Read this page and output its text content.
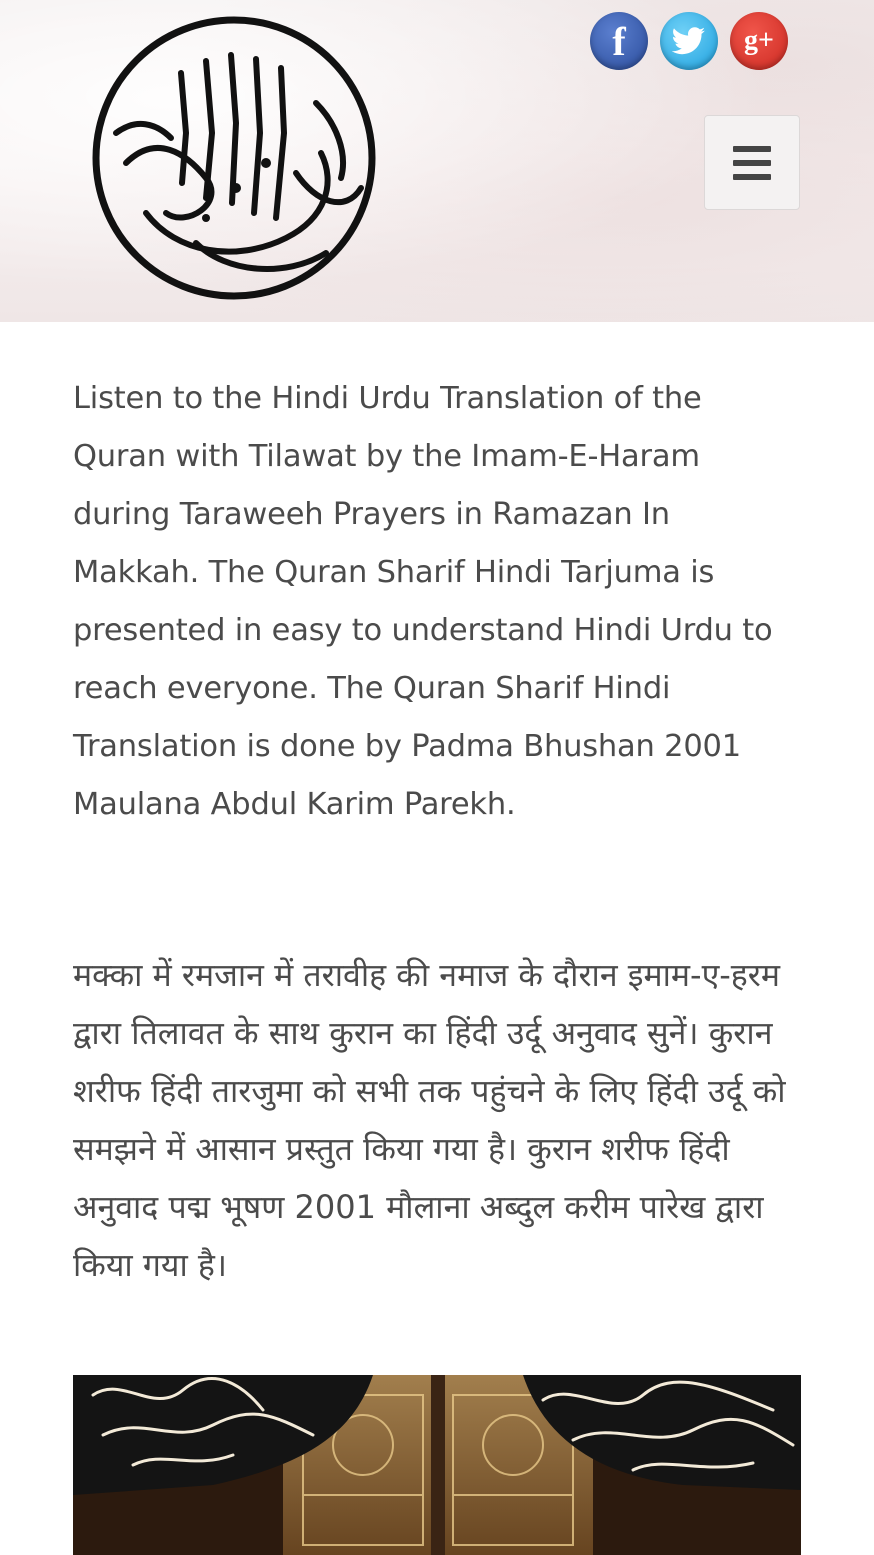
f	g+

Listen to the Hindi Urdu Translation of the Quran with Tilawat by the Imam-E-Haram during Taraweeh Prayers in Ramazan In Makkah. The Quran Sharif Hindi Tarjuma is presented in easy to understand Hindi Urdu to reach everyone. The Quran Sharif Hindi Translation is done by Padma Bhushan 2001 Maulana Abdul Karim Parekh.

मक्का में रमजान में तरावीह की नमाज के दौरान इमाम-ए-हरम द्वारा तिलावत के साथ कुरान का हिंदी उर्दू अनुवाद सुनें। कुरान शरीफ हिंदी तारजुमा को सभी तक पहुंचने के लिए हिंदी उर्दू को समझने में आसान प्रस्तुत किया गया है। कुरान शरीफ हिंदी अनुवाद पद्म भूषण 2001 मौलाना अब्दुल करीम पारेख द्वारा किया गया है।
